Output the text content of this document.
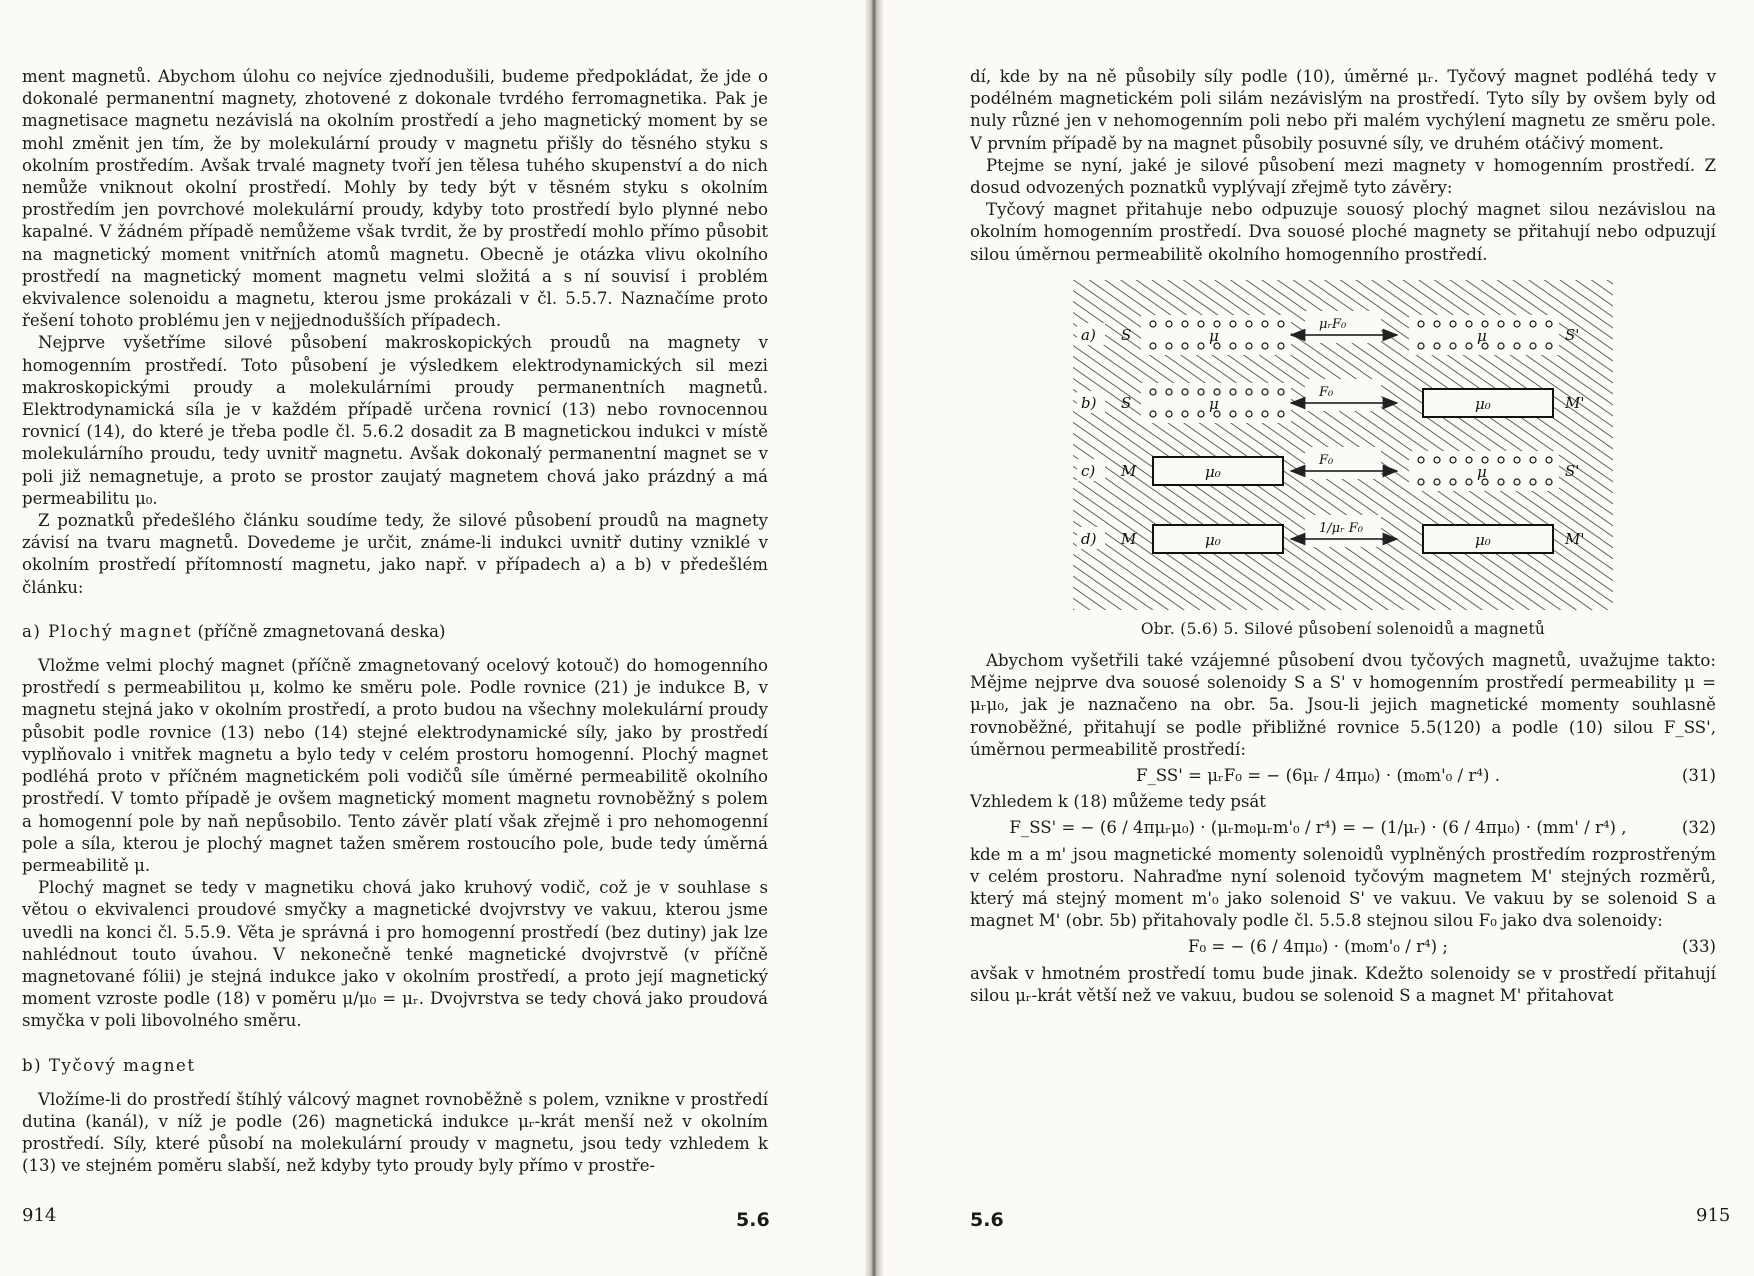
ment magnetů. Abychom úlohu co nejvíce zjednodušili, budeme předpokládat, že jde o dokonalé permanentní magnety, zhotovené z dokonale tvrdého ferromagnetika. Pak je magnetisace magnetu nezávislá na okolním prostředí a jeho magnetický moment by se mohl změnit jen tím, že by molekulární proudy v magnetu přišly do těsného styku s okolním prostředím. Avšak trvalé magnety tvoří jen tělesa tuhého skupenství a do nich nemůže vniknout okolní prostředí. Mohly by tedy být v těsném styku s okolním prostředím jen povrchové molekulární proudy, kdyby toto prostředí bylo plynné nebo kapalné. V žádném případě nemůžeme však tvrdit, že by prostředí mohlo přímo působit na magnetický moment vnitřních atomů magnetu. Obecně je otázka vlivu okolního prostředí na magnetický moment magnetu velmi složitá a s ní souvisí i problém ekvivalence solenoidu a magnetu, kterou jsme prokázali v čl. 5.5.7. Naznačíme proto řešení tohoto problému jen v nejjednodušších případech.

Nejprve vyšetříme silové působení makroskopických proudů na magnety v homogenním prostředí. Toto působení je výsledkem elektrodynamických sil mezi makroskopickými proudy a molekulárními proudy permanentních magnetů. Elektrodynamická síla je v každém případě určena rovnicí (13) nebo rovnocennou rovnicí (14), do které je třeba podle čl. 5.6.2 dosadit za B magnetickou indukci v místě molekulárního proudu, tedy uvnitř magnetu. Avšak dokonalý permanentní magnet se v poli již nemagnetuje, a proto se prostor zaujatý magnetem chová jako prázdný a má permeabilitu μ₀.

Z poznatků předešlého článku soudíme tedy, že silové působení proudů na magnety závisí na tvaru magnetů. Dovedeme je určit, známe-li indukci uvnitř dutiny vzniklé v okolním prostředí přítomností magnetu, jako např. v případech a) a b) v předešlém článku:

a) Plochý magnet (příčně zmagnetovaná deska)

Vložme velmi plochý magnet (příčně zmagnetovaný ocelový kotouč) do homogenního prostředí s permeabilitou μ, kolmo ke směru pole. Podle rovnice (21) je indukce B, v magnetu stejná jako v okolním prostředí, a proto budou na všechny molekulární proudy působit podle rovnice (13) nebo (14) stejné elektrodynamické síly, jako by prostředí vyplňovalo i vnitřek magnetu a bylo tedy v celém prostoru homogenní. Plochý magnet podléhá proto v příčném magnetickém poli vodičů síle úměrné permeabilitě okolního prostředí. V tomto případě je ovšem magnetický moment magnetu rovnoběžný s polem a homogenní pole by naň nepůsobilo. Tento závěr platí však zřejmě i pro nehomogenní pole a síla, kterou je plochý magnet tažen směrem rostoucího pole, bude tedy úměrná permeabilitě μ.

Plochý magnet se tedy v magnetiku chová jako kruhový vodič, což je v souhlase s větou o ekvivalenci proudové smyčky a magnetické dvojvrstvy ve vakuu, kterou jsme uvedli na konci čl. 5.5.9. Věta je správná i pro homogenní prostředí (bez dutiny) jak lze nahlédnout touto úvahou. V nekonečně tenké magnetické dvojvrstvě (v příčně magnetované fólii) je stejná indukce jako v okolním prostředí, a proto její magnetický moment vzroste podle (18) v poměru μ/μ₀ = μᵣ. Dvojvrstva se tedy chová jako proudová smyčka v poli libovolného směru.

b) Tyčový magnet

Vložíme-li do prostředí štíhlý válcový magnet rovnoběžně s polem, vznikne v prostředí dutina (kanál), v níž je podle (26) magnetická indukce μᵣ-krát menší než v okolním prostředí. Síly, které působí na molekulární proudy v magnetu, jsou tedy vzhledem k (13) ve stejném poměru slabší, než kdyby tyto proudy byly přímo v prostře-

914	5.6

dí, kde by na ně působily síly podle (10), úměrné μᵣ. Tyčový magnet podléhá tedy v podélném magnetickém poli silám nezávislým na prostředí. Tyto síly by ovšem byly od nuly různé jen v nehomogenním poli nebo při malém vychýlení magnetu ze směru pole. V prvním případě by na magnet působily posuvné síly, ve druhém otáčivý moment.

Ptejme se nyní, jaké je silové působení mezi magnety v homogenním prostředí. Z dosud odvozených poznatků vyplývají zřejmě tyto závěry:

Tyčový magnet přitahuje nebo odpuzuje souosý plochý magnet silou nezávislou na okolním homogenním prostředí. Dva souosé ploché magnety se přitahují nebo odpuzují silou úměrnou permeabilitě okolního homogenního prostředí.

a) S	μ
μᵣF₀
μ	S'
b) S	μ
F₀
μ₀	M'
c) M	μ₀
F₀
μ	S'
d) M	μ₀
1/μᵣ F₀
μ₀	M'
Obr. (5.6) 5. Silové působení solenoidů a magnetů

Abychom vyšetřili také vzájemné působení dvou tyčových magnetů, uvažujme takto: Mějme nejprve dva souosé solenoidy S a S' v homogenním prostředí permeability μ = μᵣμ₀, jak je naznačeno na obr. 5a. Jsou-li jejich magnetické momenty souhlasně rovnoběžné, přitahují se podle přibližné rovnice 5.5(120) a podle (10) silou F_SS', úměrnou permeabilitě prostředí:

F_SS' = μᵣF₀ = − (6μᵣ / 4πμ₀) · (m₀m'₀ / r⁴) .	(31)

Vzhledem k (18) můžeme tedy psát

F_SS' = − (6 / 4πμᵣμ₀) · (μᵣm₀μᵣm'₀ / r⁴) = − (1/μᵣ) · (6 / 4πμ₀) · (mm' / r⁴) ,	(32)

kde m a m' jsou magnetické momenty solenoidů vyplněných prostředím rozprostřeným v celém prostoru. Nahraďme nyní solenoid tyčovým magnetem M' stejných rozměrů, který má stejný moment m'₀ jako solenoid S' ve vakuu. Ve vakuu by se solenoid S a magnet M' (obr. 5b) přitahovaly podle čl. 5.5.8 stejnou silou F₀ jako dva solenoidy:

F₀ = − (6 / 4πμ₀) · (m₀m'₀ / r⁴) ;	(33)

avšak v hmotném prostředí tomu bude jinak. Kdežto solenoidy se v prostředí přitahují silou μᵣ-krát větší než ve vakuu, budou se solenoid S a magnet M' přitahovat

5.6	915
